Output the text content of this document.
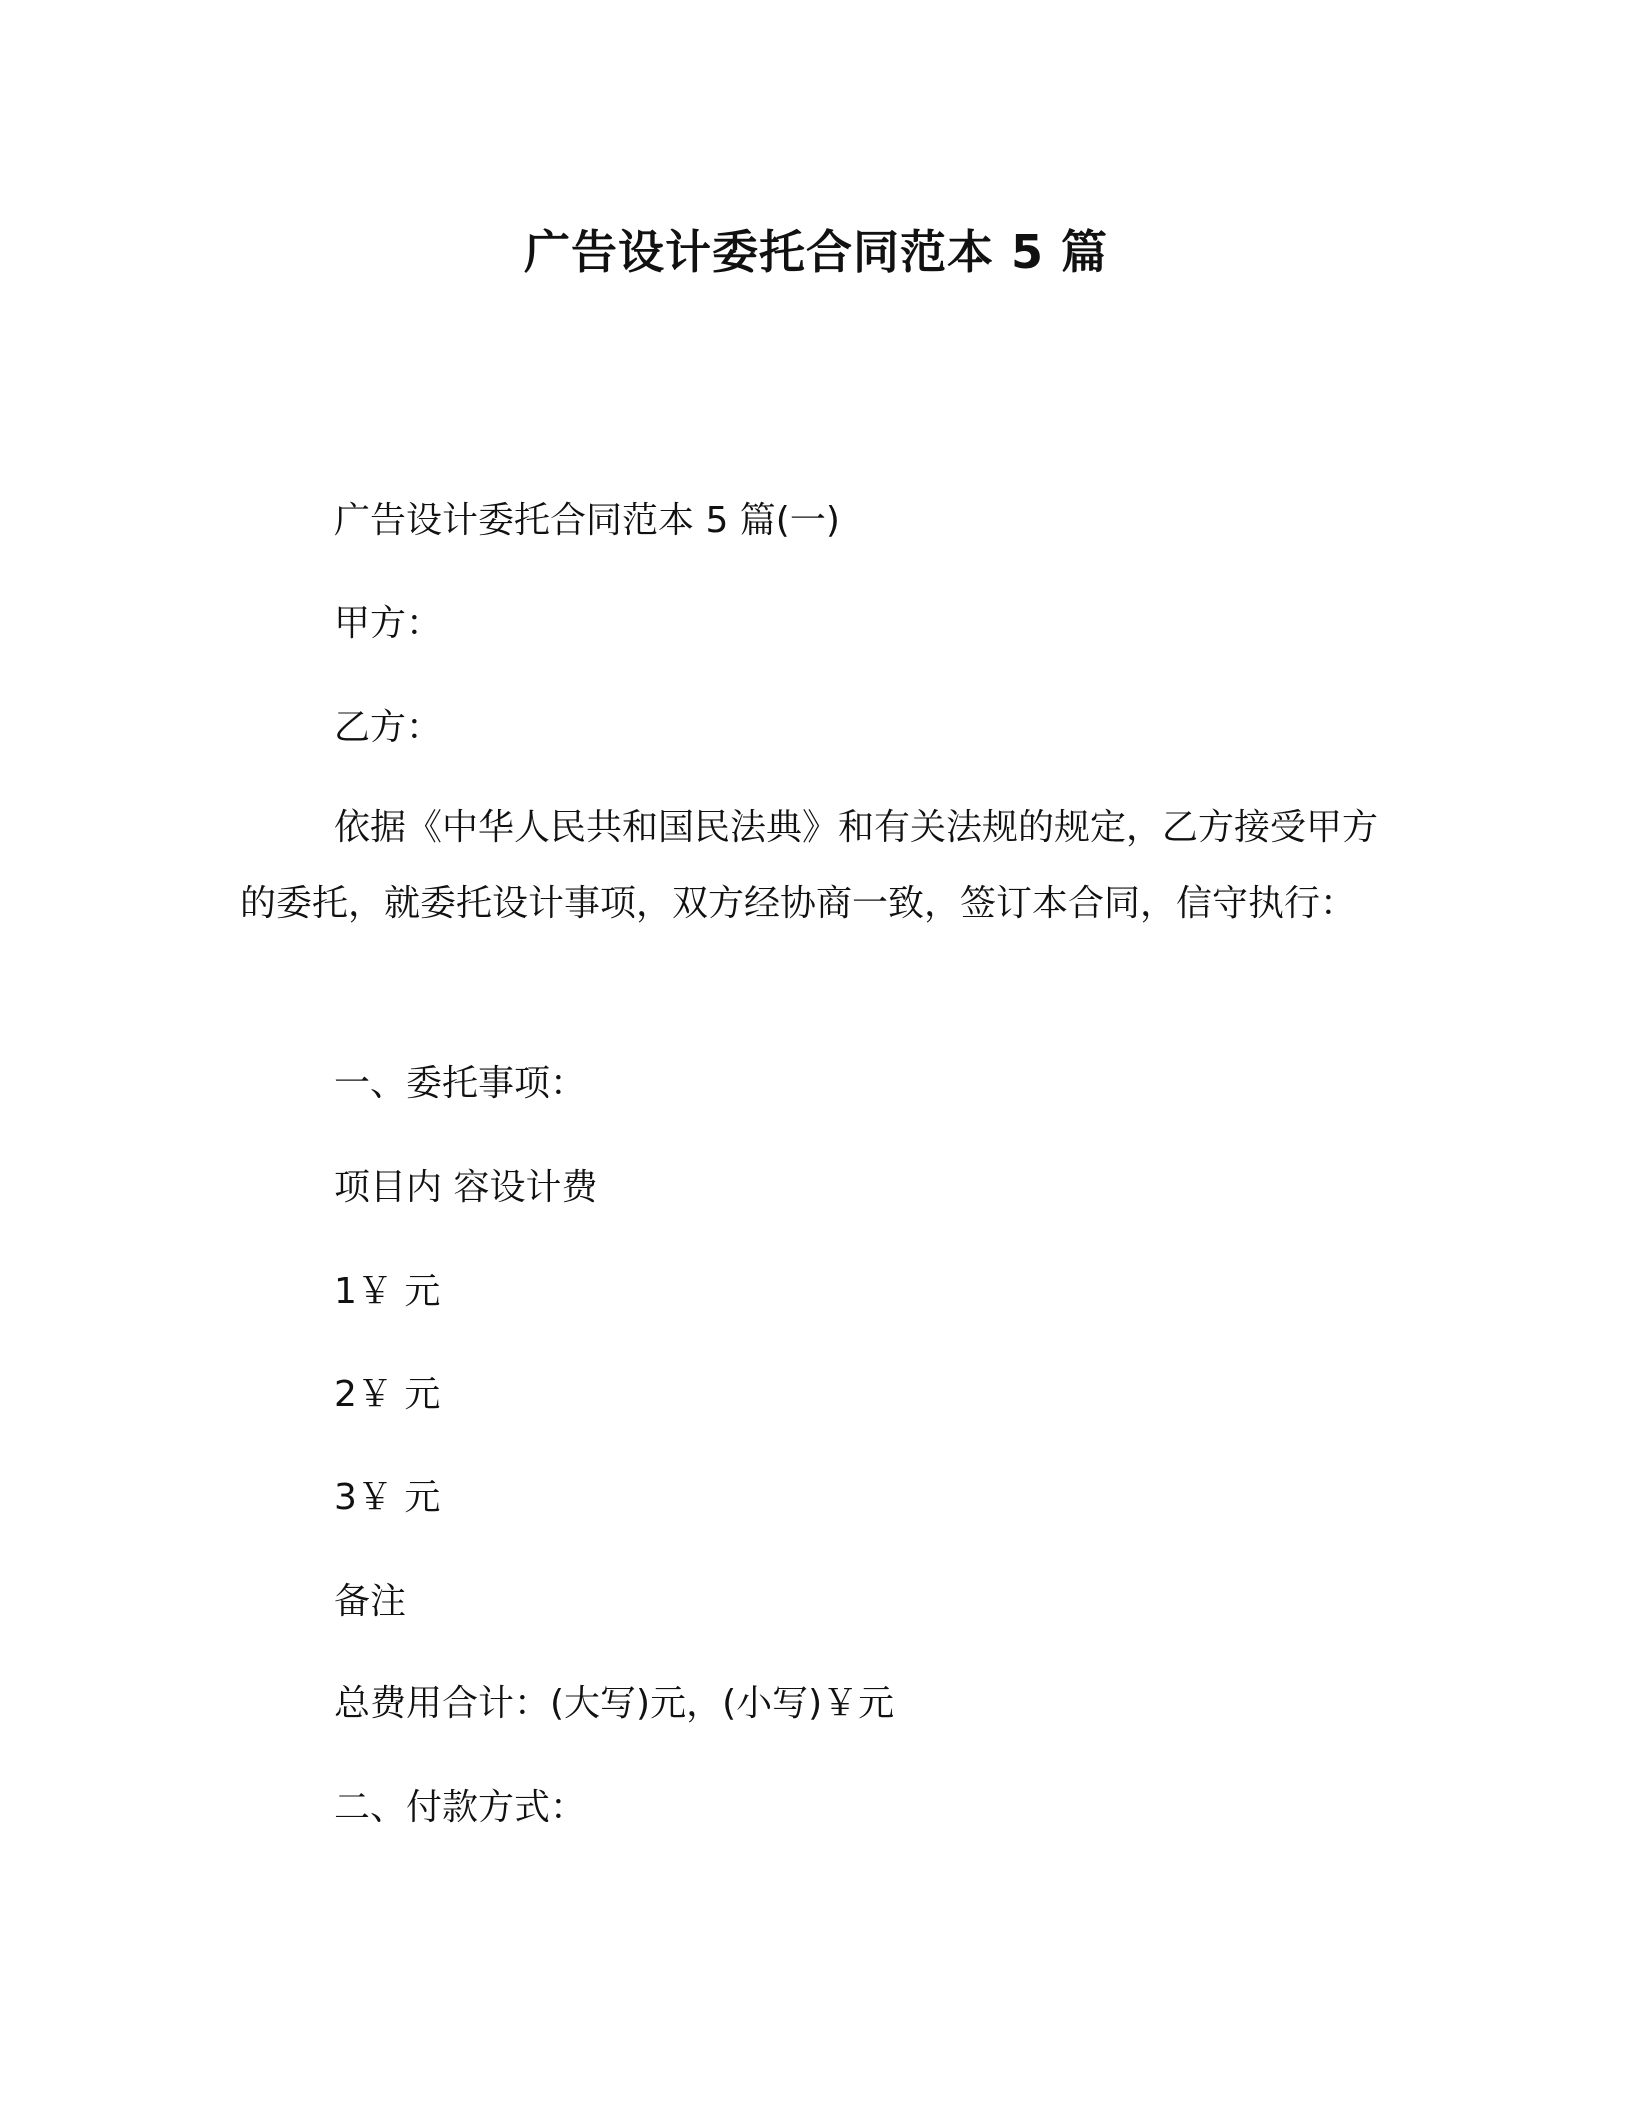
广告设计委托合同范本 5 篇
广告设计委托合同范本 5 篇(一)
甲方：
乙方：

依据《中华人民共和国民法典》和有关法规的规定，乙方接受甲方的委托，就委托设计事项，双方经协商一致，签订本合同，信守执行：

一、委托事项：
项目内 容设计费
1￥ 元
2￥ 元
3￥ 元
备注
总费用合计：(大写)元，(小写)￥元
二、付款方式：
